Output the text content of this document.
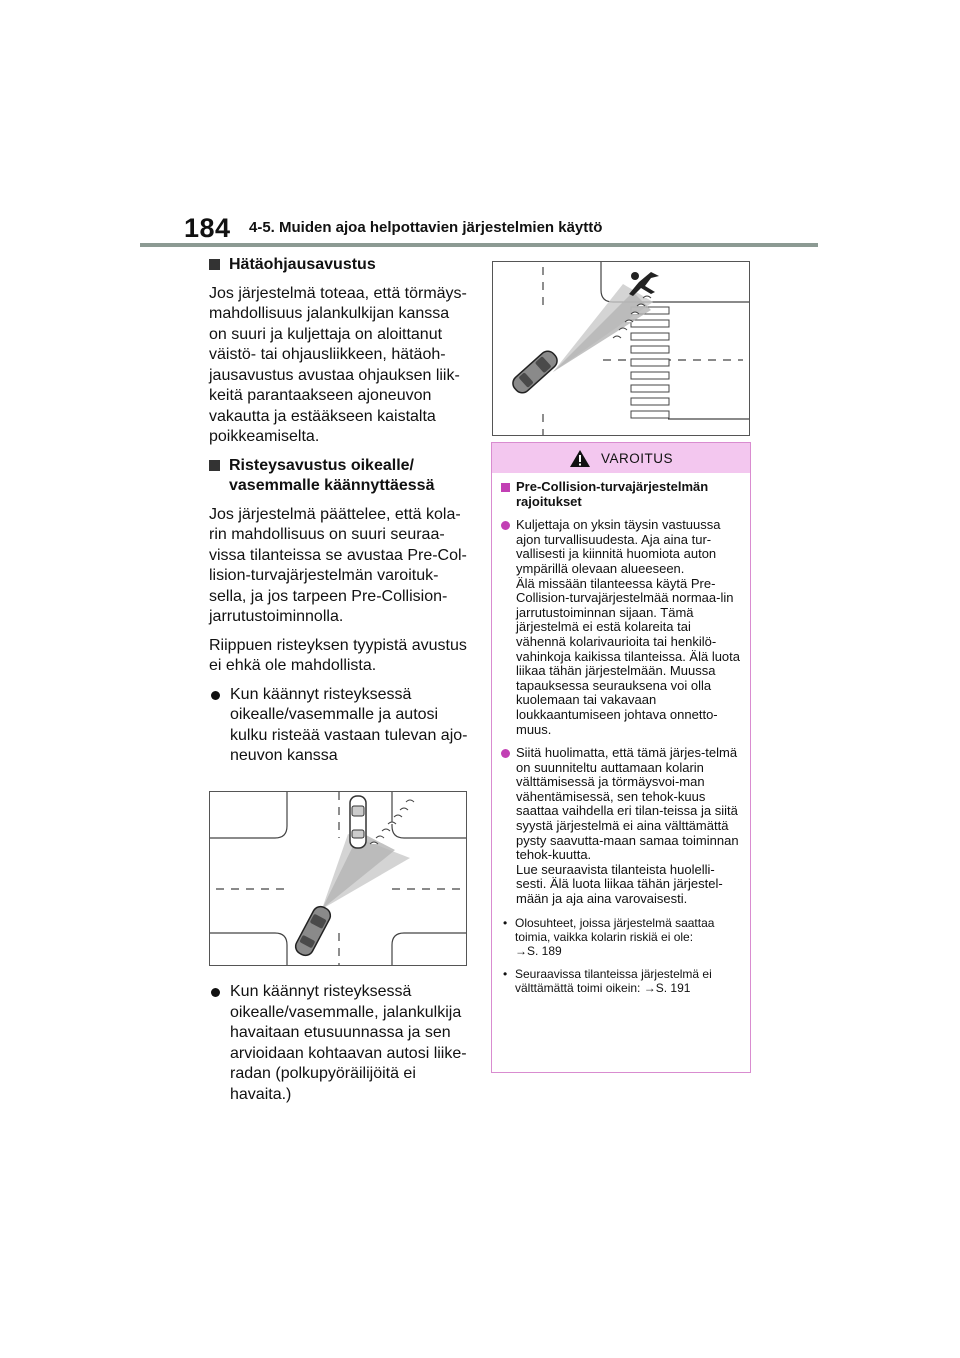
184 4-5. Muiden ajoa helpottavien järjestelmien käyttö
Hätäohjausavustus

Jos järjestelmä toteaa, että törmäys-mahdollisuus jalankulkijan kanssa on suuri ja kuljettaja on aloittanut väistö- tai ohjausliikkeen, hätäoh-jausavustus avustaa ohjauksen liik-keitä parantaakseen ajoneuvon vakautta ja estääkseen kaistalta poikkeamiselta.

Risteysavustus oikealle/ vasemmalle käännyttäessä

Jos järjestelmä päättelee, että kola-rin mahdollisuus on suuri seuraa-vissa tilanteissa se avustaa Pre-Col-lision-turvajärjestelmän varoituk-sella, ja jos tarpeen Pre-Collision-jarrutustoiminnolla.

Riippuen risteyksen tyypistä avustus ei ehkä ole mahdollista.

Kun käännyt risteyksessä oikealle/vasemmalle ja autosi kulku risteää vastaan tulevan ajo-neuvon kanssa
Kun käännyt risteyksessä oikealle/vasemmalle, jalankulkija havaitaan etusuunnassa ja sen arvioidaan kohtaavan autosi liike-radan (polkupyöräilijöitä ei havaita.)
VAROITUS
Pre-Collision-turvajärjestelmän rajoitukset
Kuljettaja on yksin täysin vastuussa ajon turvallisuudesta. Aja aina tur-vallisesti ja kiinnitä huomiota auton ympärillä olevaan alueeseen.
Älä missään tilanteessa käytä Pre-Collision-turvajärjestelmää normaa-lin jarrutustoiminnan sijaan. Tämä järjestelmä ei estä kolareita tai vähennä kolarivaurioita tai henkilö-vahinkoja kaikissa tilanteissa. Älä luota liikaa tähän järjestelmään. Muussa tapauksessa seurauksena voi olla kuolemaan tai vakavaan loukkaantumiseen johtava onnetto-muus.
Siitä huolimatta, että tämä järjes-telmä on suunniteltu auttamaan kolarin välttämisessä ja törmäysvoi-man vähentämisessä, sen tehok-kuus saattaa vaihdella eri tilan-teissa ja siitä syystä järjestelmä ei aina välttämättä pysty saavutta-maan samaa toiminnan tehok-kuutta.
Lue seuraavista tilanteista huolelli-sesti. Älä luota liikaa tähän järjestel-mään ja aja aina varovaisesti.
• Olosuhteet, joissa järjestelmä saattaa toimia, vaikka kolarin riskiä ei ole:
→S. 189
• Seuraavissa tilanteissa järjestelmä ei välttämättä toimi oikein: →S. 191
